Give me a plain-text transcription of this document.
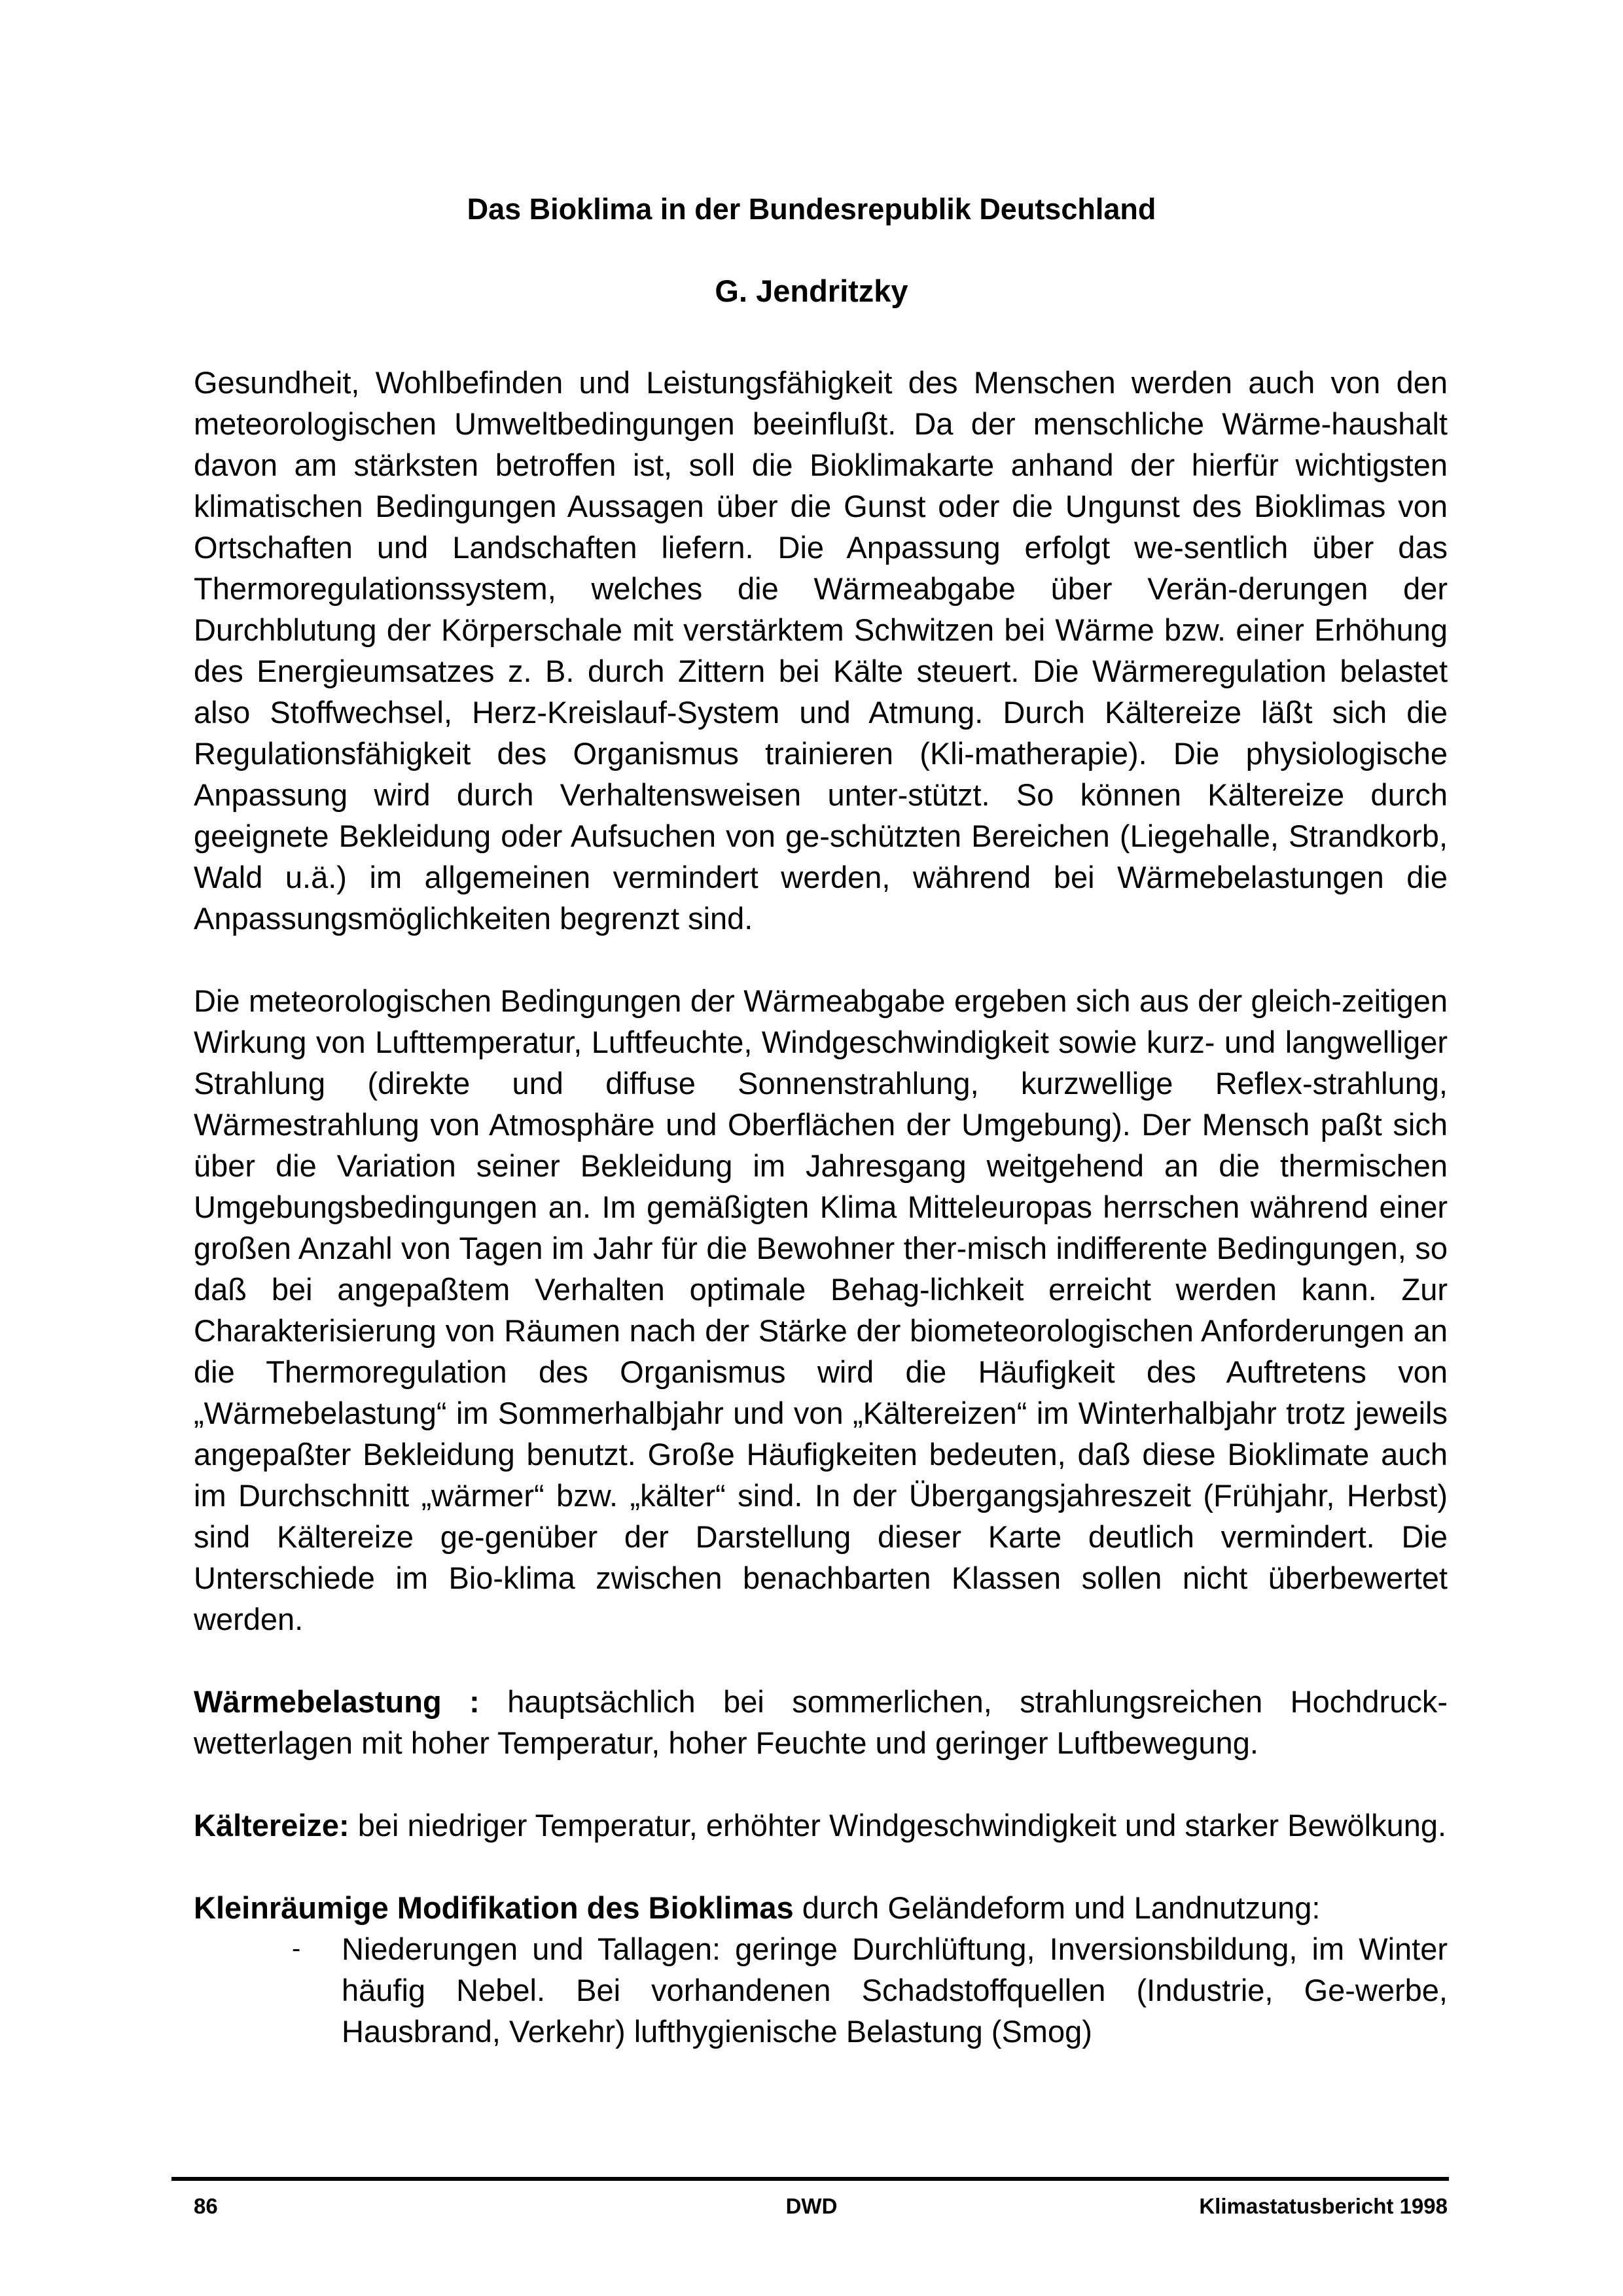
Das Bioklima in der Bundesrepublik Deutschland
G. Jendritzky

Gesundheit, Wohlbefinden und Leistungsfähigkeit des Menschen werden auch von den meteorologischen Umweltbedingungen beeinflußt. Da der menschliche Wärme-haushalt davon am stärksten betroffen ist, soll die Bioklimakarte anhand der hierfür wichtigsten klimatischen Bedingungen Aussagen über die Gunst oder die Ungunst des Bioklimas von Ortschaften und Landschaften liefern. Die Anpassung erfolgt we-sentlich über das Thermoregulationssystem, welches die Wärmeabgabe über Verän-derungen der Durchblutung der Körperschale mit verstärktem Schwitzen bei Wärme bzw. einer Erhöhung des Energieumsatzes z. B. durch Zittern bei Kälte steuert. Die Wärmeregulation belastet also Stoffwechsel, Herz-Kreislauf-System und Atmung. Durch Kältereize läßt sich die Regulationsfähigkeit des Organismus trainieren (Kli-matherapie). Die physiologische Anpassung wird durch Verhaltensweisen unter-stützt. So können Kältereize durch geeignete Bekleidung oder Aufsuchen von ge-schützten Bereichen (Liegehalle, Strandkorb, Wald u.ä.) im allgemeinen vermindert werden, während bei Wärmebelastungen die Anpassungsmöglichkeiten begrenzt sind.

Die meteorologischen Bedingungen der Wärmeabgabe ergeben sich aus der gleich-zeitigen Wirkung von Lufttemperatur, Luftfeuchte, Windgeschwindigkeit sowie kurz- und langwelliger Strahlung (direkte und diffuse Sonnenstrahlung, kurzwellige Reflex-strahlung, Wärmestrahlung von Atmosphäre und Oberflächen der Umgebung). Der Mensch paßt sich über die Variation seiner Bekleidung im Jahresgang weitgehend an die thermischen Umgebungsbedingungen an. Im gemäßigten Klima Mitteleuropas herrschen während einer großen Anzahl von Tagen im Jahr für die Bewohner ther-misch indifferente Bedingungen, so daß bei angepaßtem Verhalten optimale Behag-lichkeit erreicht werden kann. Zur Charakterisierung von Räumen nach der Stärke der biometeorologischen Anforderungen an die Thermoregulation des Organismus wird die Häufigkeit des Auftretens von „Wärmebelastung“ im Sommerhalbjahr und von „Kältereizen“ im Winterhalbjahr trotz jeweils angepaßter Bekleidung benutzt. Große Häufigkeiten bedeuten, daß diese Bioklimate auch im Durchschnitt „wärmer“ bzw. „kälter“ sind. In der Übergangsjahreszeit (Frühjahr, Herbst) sind Kältereize ge-genüber der Darstellung dieser Karte deutlich vermindert. Die Unterschiede im Bio-klima zwischen benachbarten Klassen sollen nicht überbewertet werden.

Wärmebelastung : hauptsächlich bei sommerlichen, strahlungsreichen Hochdruck-wetterlagen mit hoher Temperatur, hoher Feuchte und geringer Luftbewegung.

Kältereize: bei niedriger Temperatur, erhöhter Windgeschwindigkeit und starker Bewölkung.

Kleinräumige Modifikation des Bioklimas durch Geländeform und Landnutzung:

- Niederungen und Tallagen: geringe Durchlüftung, Inversionsbildung, im Winter häufig Nebel. Bei vorhandenen Schadstoffquellen (Industrie, Ge-werbe, Hausbrand, Verkehr) lufthygienische Belastung (Smog)
86	DWD	Klimastatusbericht 1998
